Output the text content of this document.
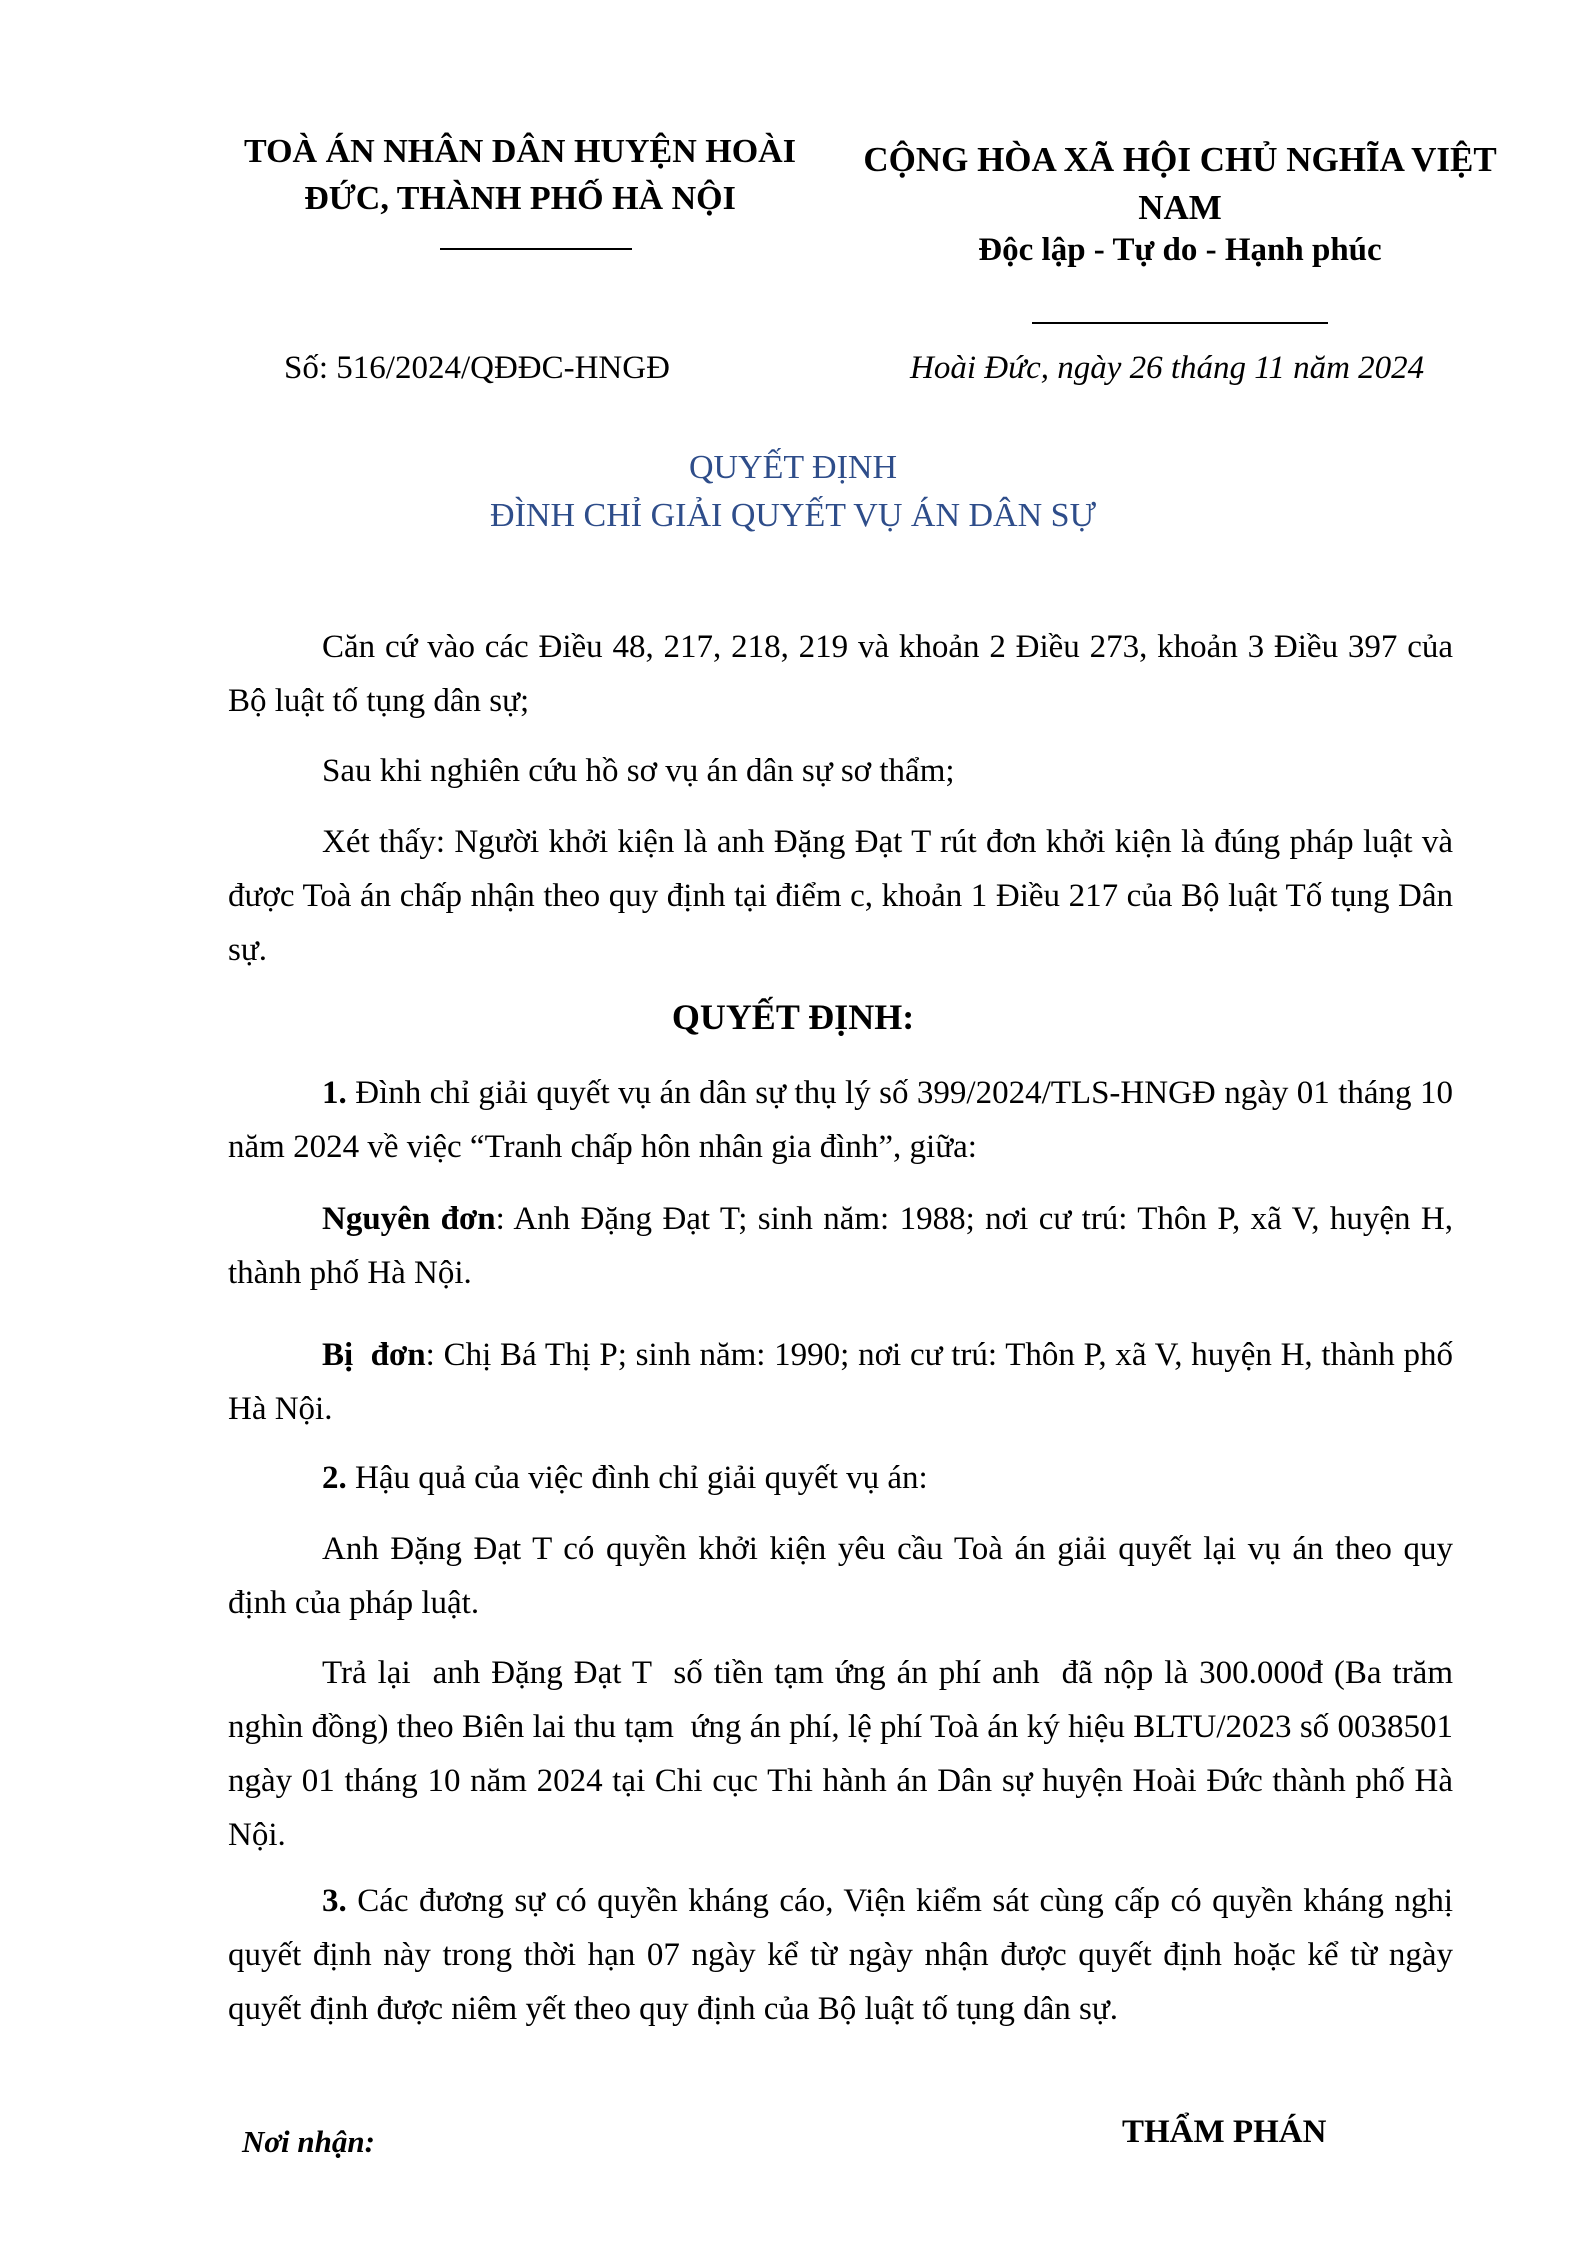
TOÀ ÁN NHÂN DÂN HUYỆN HOÀI
ĐỨC, THÀNH PHỐ HÀ NỘI
CỘNG HÒA XÃ HỘI CHỦ NGHĨA VIỆT
NAM
Độc lập - Tự do - Hạnh phúc
Số: 516/2024/QĐĐC-HNGĐ	Hoài Đức, ngày 26 tháng 11 năm 2024
QUYẾT ĐỊNH
ĐÌNH CHỈ GIẢI QUYẾT VỤ ÁN DÂN SỰ
Căn cứ vào các Điều 48, 217, 218, 219 và khoản 2 Điều 273, khoản 3 Điều 397 của Bộ luật tố tụng dân sự;
Sau khi nghiên cứu hồ sơ vụ án dân sự sơ thẩm;
Xét thấy: Người khởi kiện là anh Đặng Đạt T rút đơn khởi kiện là đúng pháp luật và được Toà án chấp nhận theo quy định tại điểm c, khoản 1 Điều 217 của Bộ luật Tố tụng Dân sự.
QUYẾT ĐỊNH:
1. Đình chỉ giải quyết vụ án dân sự thụ lý số 399/2024/TLS-HNGĐ ngày 01 tháng 10 năm 2024 về việc “Tranh chấp hôn nhân gia đình”, giữa:
Nguyên đơn: Anh Đặng Đạt T; sinh năm: 1988; nơi cư trú: Thôn P, xã V, huyện H, thành phố Hà Nội.
Bị  đơn: Chị Bá Thị P; sinh năm: 1990; nơi cư trú: Thôn P, xã V, huyện H, thành phố Hà Nội.
2. Hậu quả của việc đình chỉ giải quyết vụ án:
Anh Đặng Đạt T có quyền khởi kiện yêu cầu Toà án giải quyết lại vụ án theo quy định của pháp luật.
Trả lại  anh Đặng Đạt T  số tiền tạm ứng án phí anh  đã nộp là 300.000đ (Ba trăm nghìn đồng) theo Biên lai thu tạm  ứng án phí, lệ phí Toà án ký hiệu BLTU/2023 số 0038501 ngày 01 tháng 10 năm 2024 tại Chi cục Thi hành án Dân sự huyện Hoài Đức thành phố Hà Nội.
3. Các đương sự có quyền kháng cáo, Viện kiểm sát cùng cấp có quyền kháng nghị quyết định này trong thời hạn 07 ngày kể từ ngày nhận được quyết định hoặc kể từ ngày quyết định được niêm yết theo quy định của Bộ luật tố tụng dân sự.
Nơi nhận:	THẨM PHÁN
